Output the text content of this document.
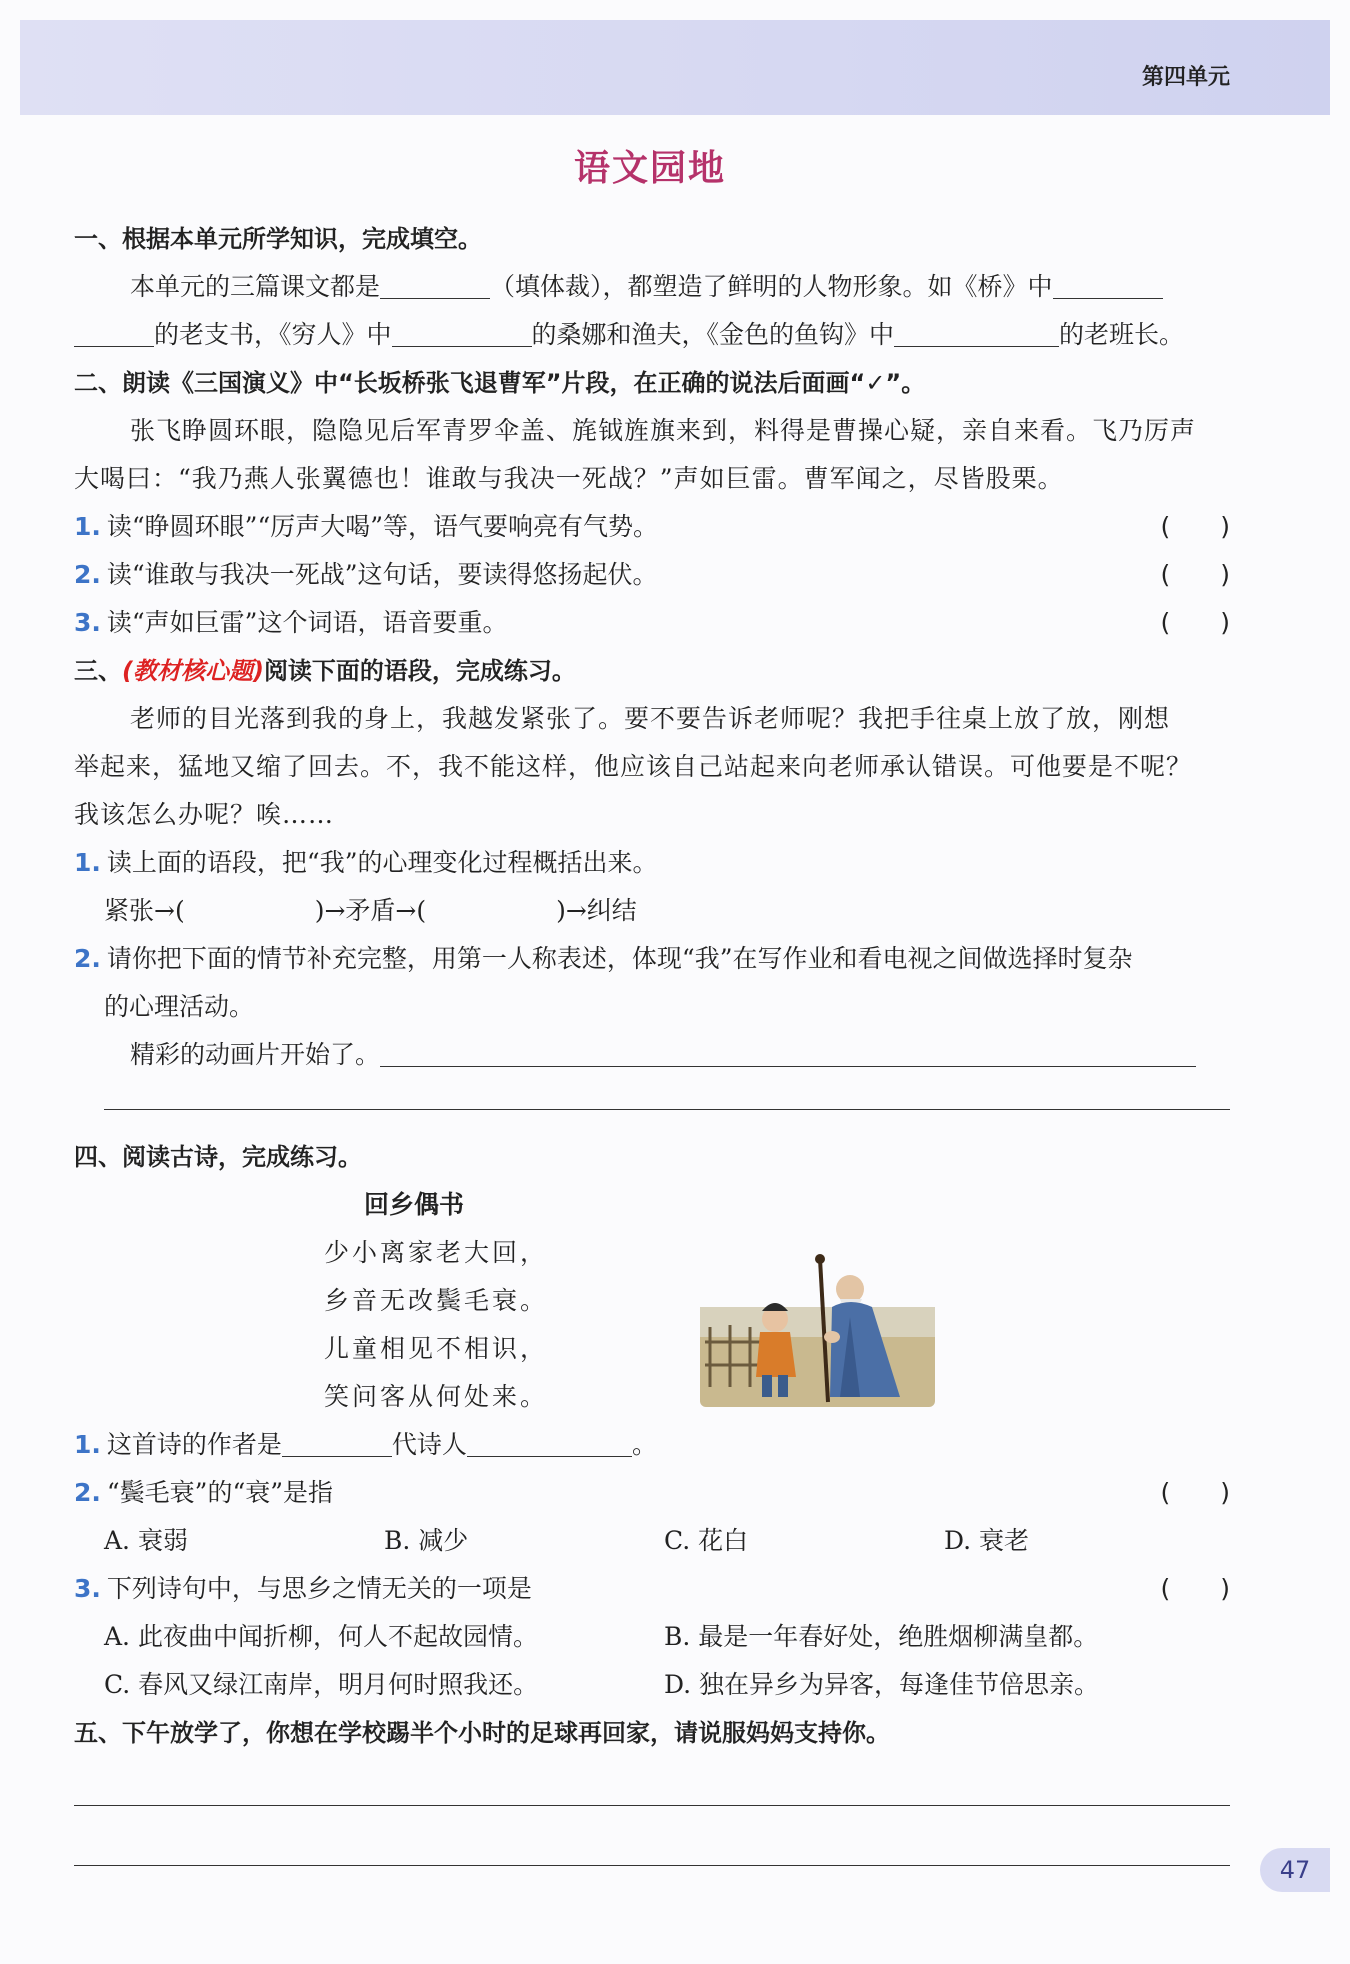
第四单元
语文园地
一、根据本单元所学知识，完成填空。
本单元的三篇课文都是	（填体裁），都塑造了鲜明的人物形象。如《桥》中
的老支书，《穷人》中	的桑娜和渔夫，《金色的鱼钩》中	的老班长。
二、朗读《三国演义》中“长坂桥张飞退曹军”片段，在正确的说法后面画“✓”。
张飞睁圆环眼，隐隐见后军青罗伞盖、旄钺旌旗来到，料得是曹操心疑，亲自来看。飞乃厉声
大喝曰：“我乃燕人张翼德也！谁敢与我决一死战？”声如巨雷。曹军闻之，尽皆股栗。
1. 读“睁圆环眼”“厉声大喝”等，语气要响亮有气势。	(　　)
2. 读“谁敢与我决一死战”这句话，要读得悠扬起伏。	(　　)
3. 读“声如巨雷”这个词语，语音要重。	(　　)
三、(教材核心题)阅读下面的语段，完成练习。
老师的目光落到我的身上，我越发紧张了。要不要告诉老师呢？我把手往桌上放了放，刚想
举起来，猛地又缩了回去。不，我不能这样，他应该自己站起来向老师承认错误。可他要是不呢？
我该怎么办呢？唉……
1. 读上面的语段，把“我”的心理变化过程概括出来。
紧张→(	)→矛盾→(	)→纠结
2. 请你把下面的情节补充完整，用第一人称表述，体现“我”在写作业和看电视之间做选择时复杂
的心理活动。
精彩的动画片开始了。
四、阅读古诗，完成练习。
回乡偶书
少小离家老大回，
乡音无改鬓毛衰。
儿童相见不相识，
笑问客从何处来。
1. 这首诗的作者是	代诗人	。
2. “鬓毛衰”的“衰”是指	(　　)
A. 衰弱	B. 减少	C. 花白	D. 衰老
3. 下列诗句中，与思乡之情无关的一项是	(　　)
A. 此夜曲中闻折柳，何人不起故园情。	B. 最是一年春好处，绝胜烟柳满皇都。
C. 春风又绿江南岸，明月何时照我还。	D. 独在异乡为异客，每逢佳节倍思亲。
五、下午放学了，你想在学校踢半个小时的足球再回家，请说服妈妈支持你。
47
